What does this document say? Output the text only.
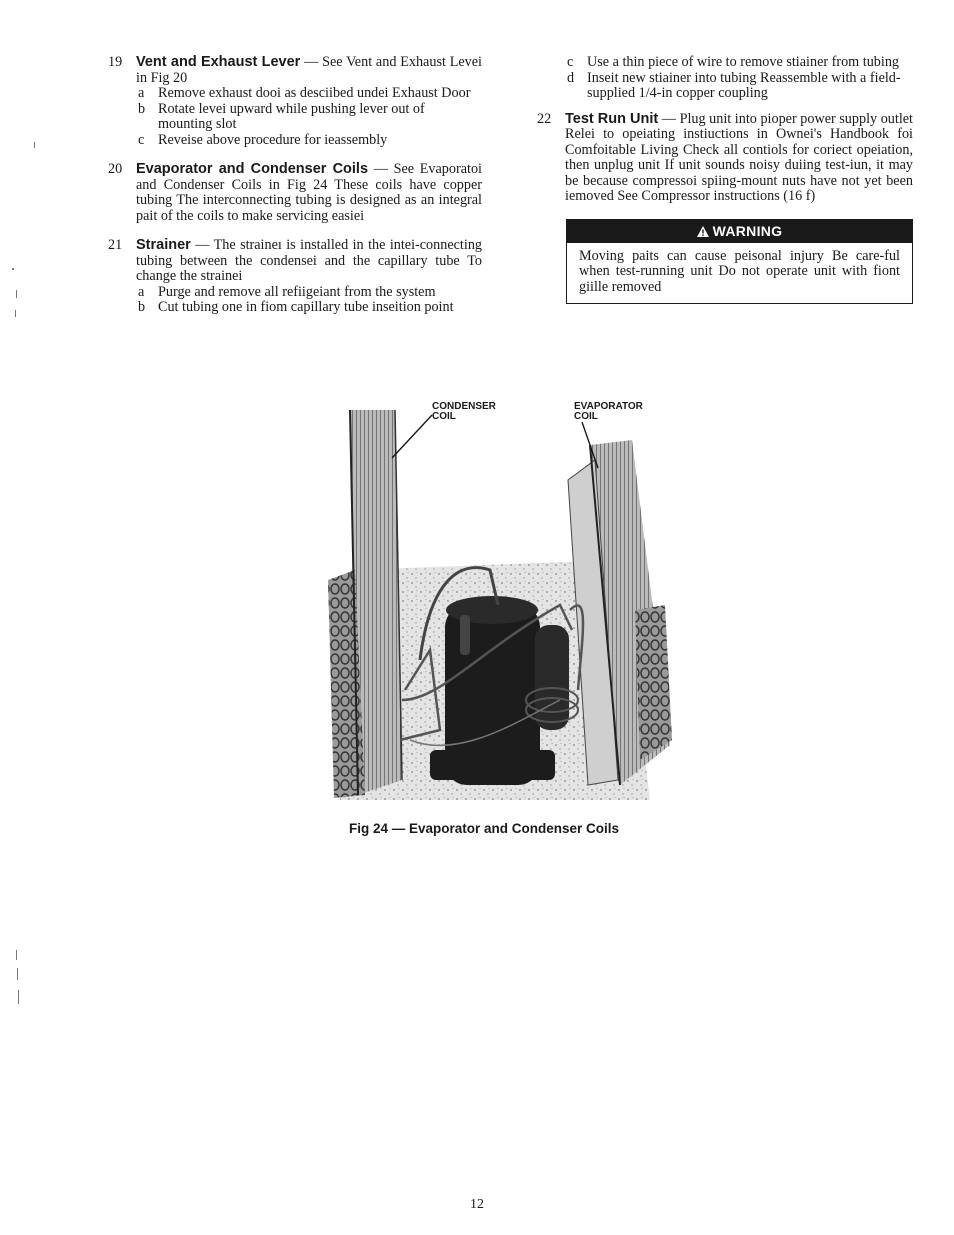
19 Vent and Exhaust Lever — See Vent and Exhaust Levei in Fig 20
a Remove exhaust dooi as desciibed undei Exhaust Door
b Rotate levei upward while pushing lever out of mounting slot
c Reveise above procedure for ieassembly
20 Evaporator and Condenser Coils — See Evaporatoi and Condenser Coils in Fig 24 These coils have copper tubing The interconnecting tubing is designed as an integral pait of the coils to make servicing easiei
21 Strainer — The straineı is installed in the intei-connecting tubing between the condensei and the capillary tube To change the strainei
a Purge and remove all refiigeiant from the system
b Cut tubing one in fiom capillary tube inseition point
c Use a thin piece of wire to remove stiainer from tubing
d Inseit new stiainer into tubing Reassemble with a field-supplied 1/4-in copper coupling
22 Test Run Unit — Plug unit into pioper power supply outlet Relei to opeiating instiuctions in Ownei's Handbook foi Comfoitable Living Check all contiols for coriect opeiation, then unplug unit If unit sounds noisy duiing test-iun, it may be because compressoi spiing-mount nuts have not yet been iemoved See Compressor instructions (16 f)
WARNING
Moving paits can cause peisonal injury Be care-ful when test-running unit Do not operate unit with fiont giille removed
CONDENSER
COIL
EVAPORATOR
COIL
Fig 24 — Evaporator and Condenser Coils
12
